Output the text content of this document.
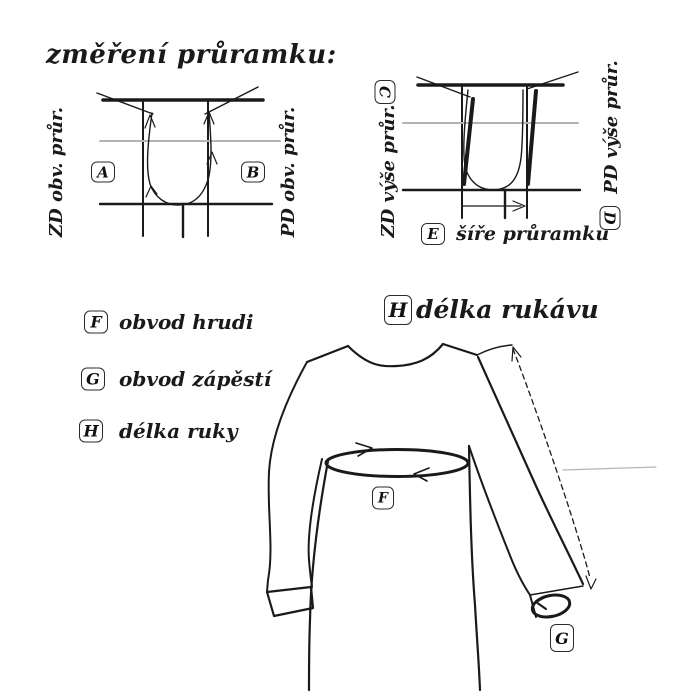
změření průramku:
ZD obv. průr.	PD obv. průr.
A	B
C
ZD výše průr.	PD výše průr.
D
E šíře průramku
F obvod hrudi
G obvod zápěstí
H délka ruky
H délka rukávu
F
G
